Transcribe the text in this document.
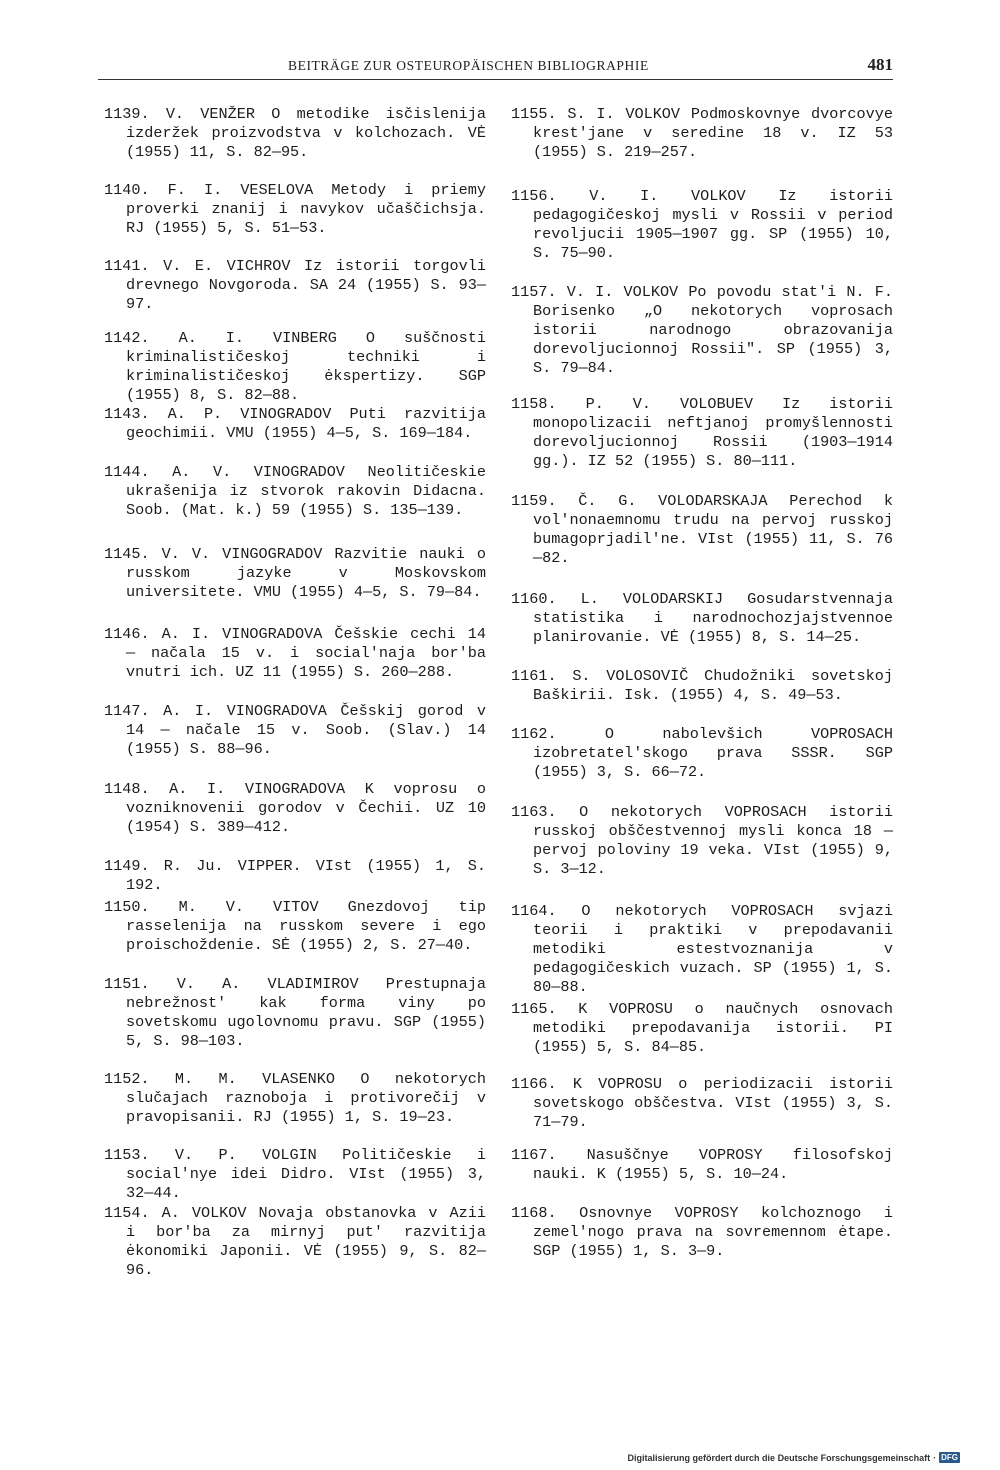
BEITRÄGE ZUR OSTEUROPÄISCHEN BIBLIOGRAPHIE	481

1139. V. VENŽER O metodike isčislenija izderžek proizvodstva v kolchozach. VĖ (1955) 11, S. 82—95.

1140. F. I. VESELOVA Metody i priemy proverki znanij i navykov učaščichsja. RJ (1955) 5, S. 51—53.

1141. V. E. VICHROV Iz istorii torgovli drevnego Novgoroda. SA 24 (1955) S. 93—97.

1142. A. I. VINBERG O suščnosti kriminalističeskoj techniki i kriminalističeskoj ėkspertizy. SGP (1955) 8, S. 82—88.

1143. A. P. VINOGRADOV Puti razvitija geochimii. VMU (1955) 4—5, S. 169—184.

1144. A. V. VINOGRADOV Neolitičeskie ukrašenija iz stvorok rakovin Didacna. Soob. (Mat. k.) 59 (1955) S. 135—139.

1145. V. V. VINGOGRADOV Razvitie nauki o russkom jazyke v Moskovskom universitete. VMU (1955) 4—5, S. 79—84.

1146. A. I. VINOGRADOVA Češskie cechi 14 — načala 15 v. i social'naja bor'ba vnutri ich. UZ 11 (1955) S. 260—288.

1147. A. I. VINOGRADOVA Češskij gorod v 14 — načale 15 v. Soob. (Slav.) 14 (1955) S. 88—96.

1148. A. I. VINOGRADOVA K voprosu o vozniknovenii gorodov v Čechii. UZ 10 (1954) S. 389—412.

1149. R. Ju. VIPPER. VIst (1955) 1, S. 192.

1150. M. V. VITOV Gnezdovoj tip rasselenija na russkom severe i ego proischoždenie. SĖ (1955) 2, S. 27—40.

1151. V. A. VLADIMIROV Prestupnaja nebrežnost' kak forma viny po sovetskomu ugolovnomu pravu. SGP (1955) 5, S. 98—103.

1152. M. M. VLASENKO O nekotorych slučajach raznoboja i protivorečij v pravopisanii. RJ (1955) 1, S. 19—23.

1153. V. P. VOLGIN Političeskie i social'nye idei Didro. VIst (1955) 3, 32—44.

1154. A. VOLKOV Novaja obstanovka v Azii i bor'ba za mirnyj put' razvitija ėkonomiki Japonii. VĖ (1955) 9, S. 82—96.

1155. S. I. VOLKOV Podmoskovnye dvorcovye krest'jane v seredine 18 v. IZ 53 (1955) S. 219—257.

1156. V. I. VOLKOV Iz istorii pedagogičeskoj mysli v Rossii v period revoljucii 1905—1907 gg. SP (1955) 10, S. 75—90.

1157. V. I. VOLKOV Po povodu stat'i N. F. Borisenko „O nekotorych voprosach istorii narodnogo obrazovanija dorevoljucionnoj Rossii". SP (1955) 3, S. 79—84.

1158. P. V. VOLOBUEV Iz istorii monopolizacii neftjanoj promyšlennosti dorevoljucionnoj Rossii (1903—1914 gg.). IZ 52 (1955) S. 80—111.

1159. Č. G. VOLODARSKAJA Perechod k vol'nonaemnomu trudu na pervoj russkoj bumagoprjadil'ne. VIst (1955) 11, S. 76—82.

1160. L. VOLODARSKIJ Gosudarstvennaja statistika i narodnochozjajstvennoe planirovanie. VĖ (1955) 8, S. 14—25.

1161. S. VOLOSOVIČ Chudožniki sovetskoj Baškirii. Isk. (1955) 4, S. 49—53.

1162. O nabolevšich VOPROSACH izobretatel'skogo prava SSSR. SGP (1955) 3, S. 66—72.

1163. O nekotorych VOPROSACH istorii russkoj obščestvennoj mysli konca 18 — pervoj poloviny 19 veka. VIst (1955) 9, S. 3—12.

1164. O nekotorych VOPROSACH svjazi teorii i praktiki v prepodavanii metodiki estestvoznanija v pedagogičeskich vuzach. SP (1955) 1, S. 80—88.

1165. K VOPROSU o naučnych osnovach metodiki prepodavanija istorii. PI (1955) 5, S. 84—85.

1166. K VOPROSU o periodizacii istorii sovetskogo obščestva. VIst (1955) 3, S. 71—79.

1167. Nasuščnye VOPROSY filosofskoj nauki. K (1955) 5, S. 10—24.

1168. Osnovnye VOPROSY kolchoznogo i zemel'nogo prava na sovremennom ėtape. SGP (1955) 1, S. 3—9.

Digitalisierung gefördert durch die Deutsche Forschungsgemeinschaft · DFG
